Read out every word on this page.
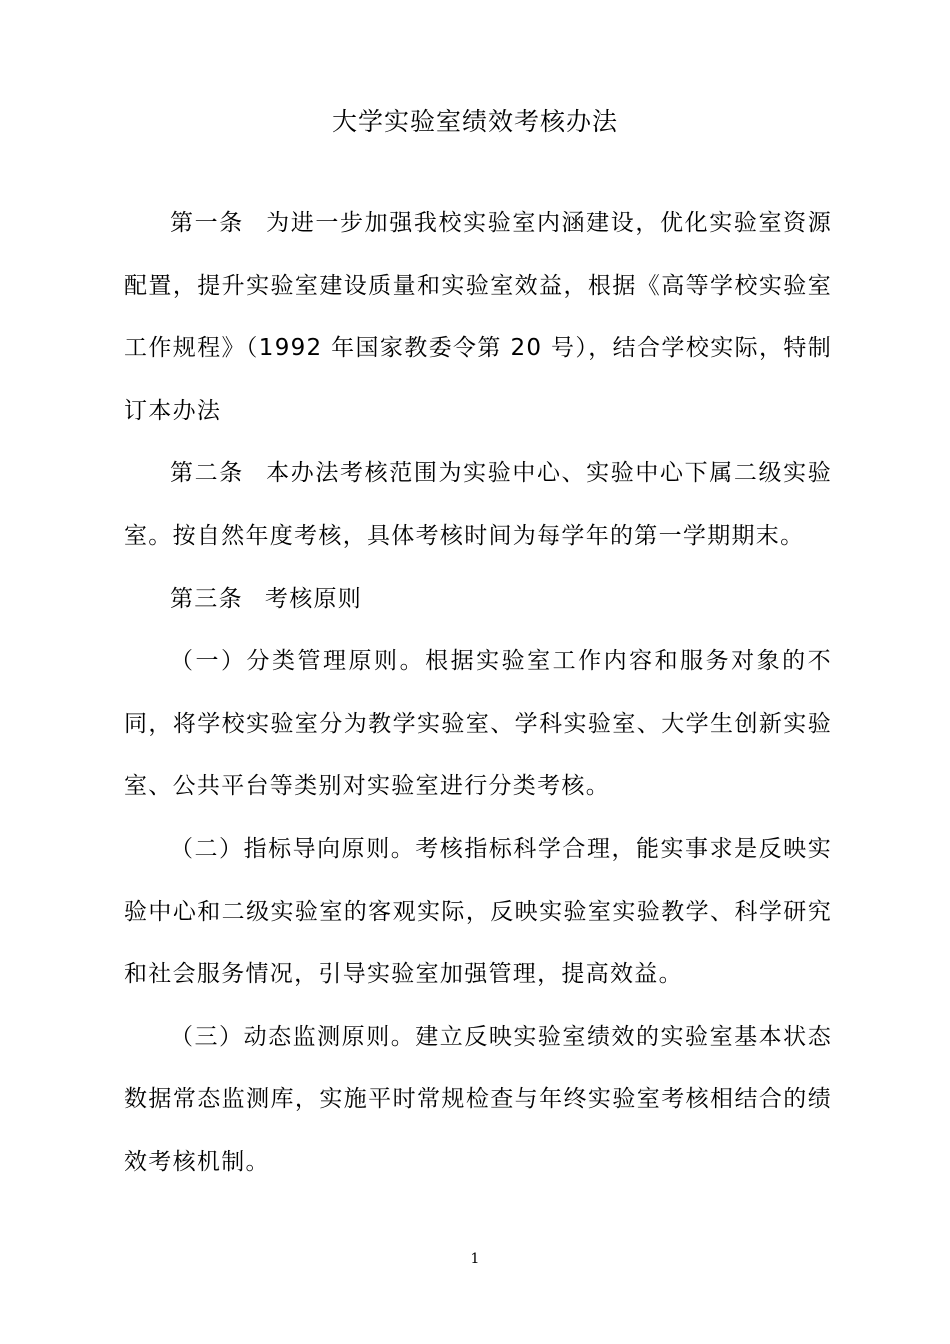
大学实验室绩效考核办法

第一条 为进一步加强我校实验室内涵建设，优化实验室资源配置，提升实验室建设质量和实验室效益，根据《高等学校实验室工作规程》（1992 年国家教委令第 20 号），结合学校实际，特制订本办法

第二条 本办法考核范围为实验中心、实验中心下属二级实验室。按自然年度考核，具体考核时间为每学年的第一学期期末。

第三条 考核原则

（一）分类管理原则。根据实验室工作内容和服务对象的不同，将学校实验室分为教学实验室、学科实验室、大学生创新实验室、公共平台等类别对实验室进行分类考核。

（二）指标导向原则。考核指标科学合理，能实事求是反映实验中心和二级实验室的客观实际，反映实验室实验教学、科学研究和社会服务情况，引导实验室加强管理，提高效益。

（三）动态监测原则。建立反映实验室绩效的实验室基本状态数据常态监测库，实施平时常规检查与年终实验室考核相结合的绩效考核机制。

1
